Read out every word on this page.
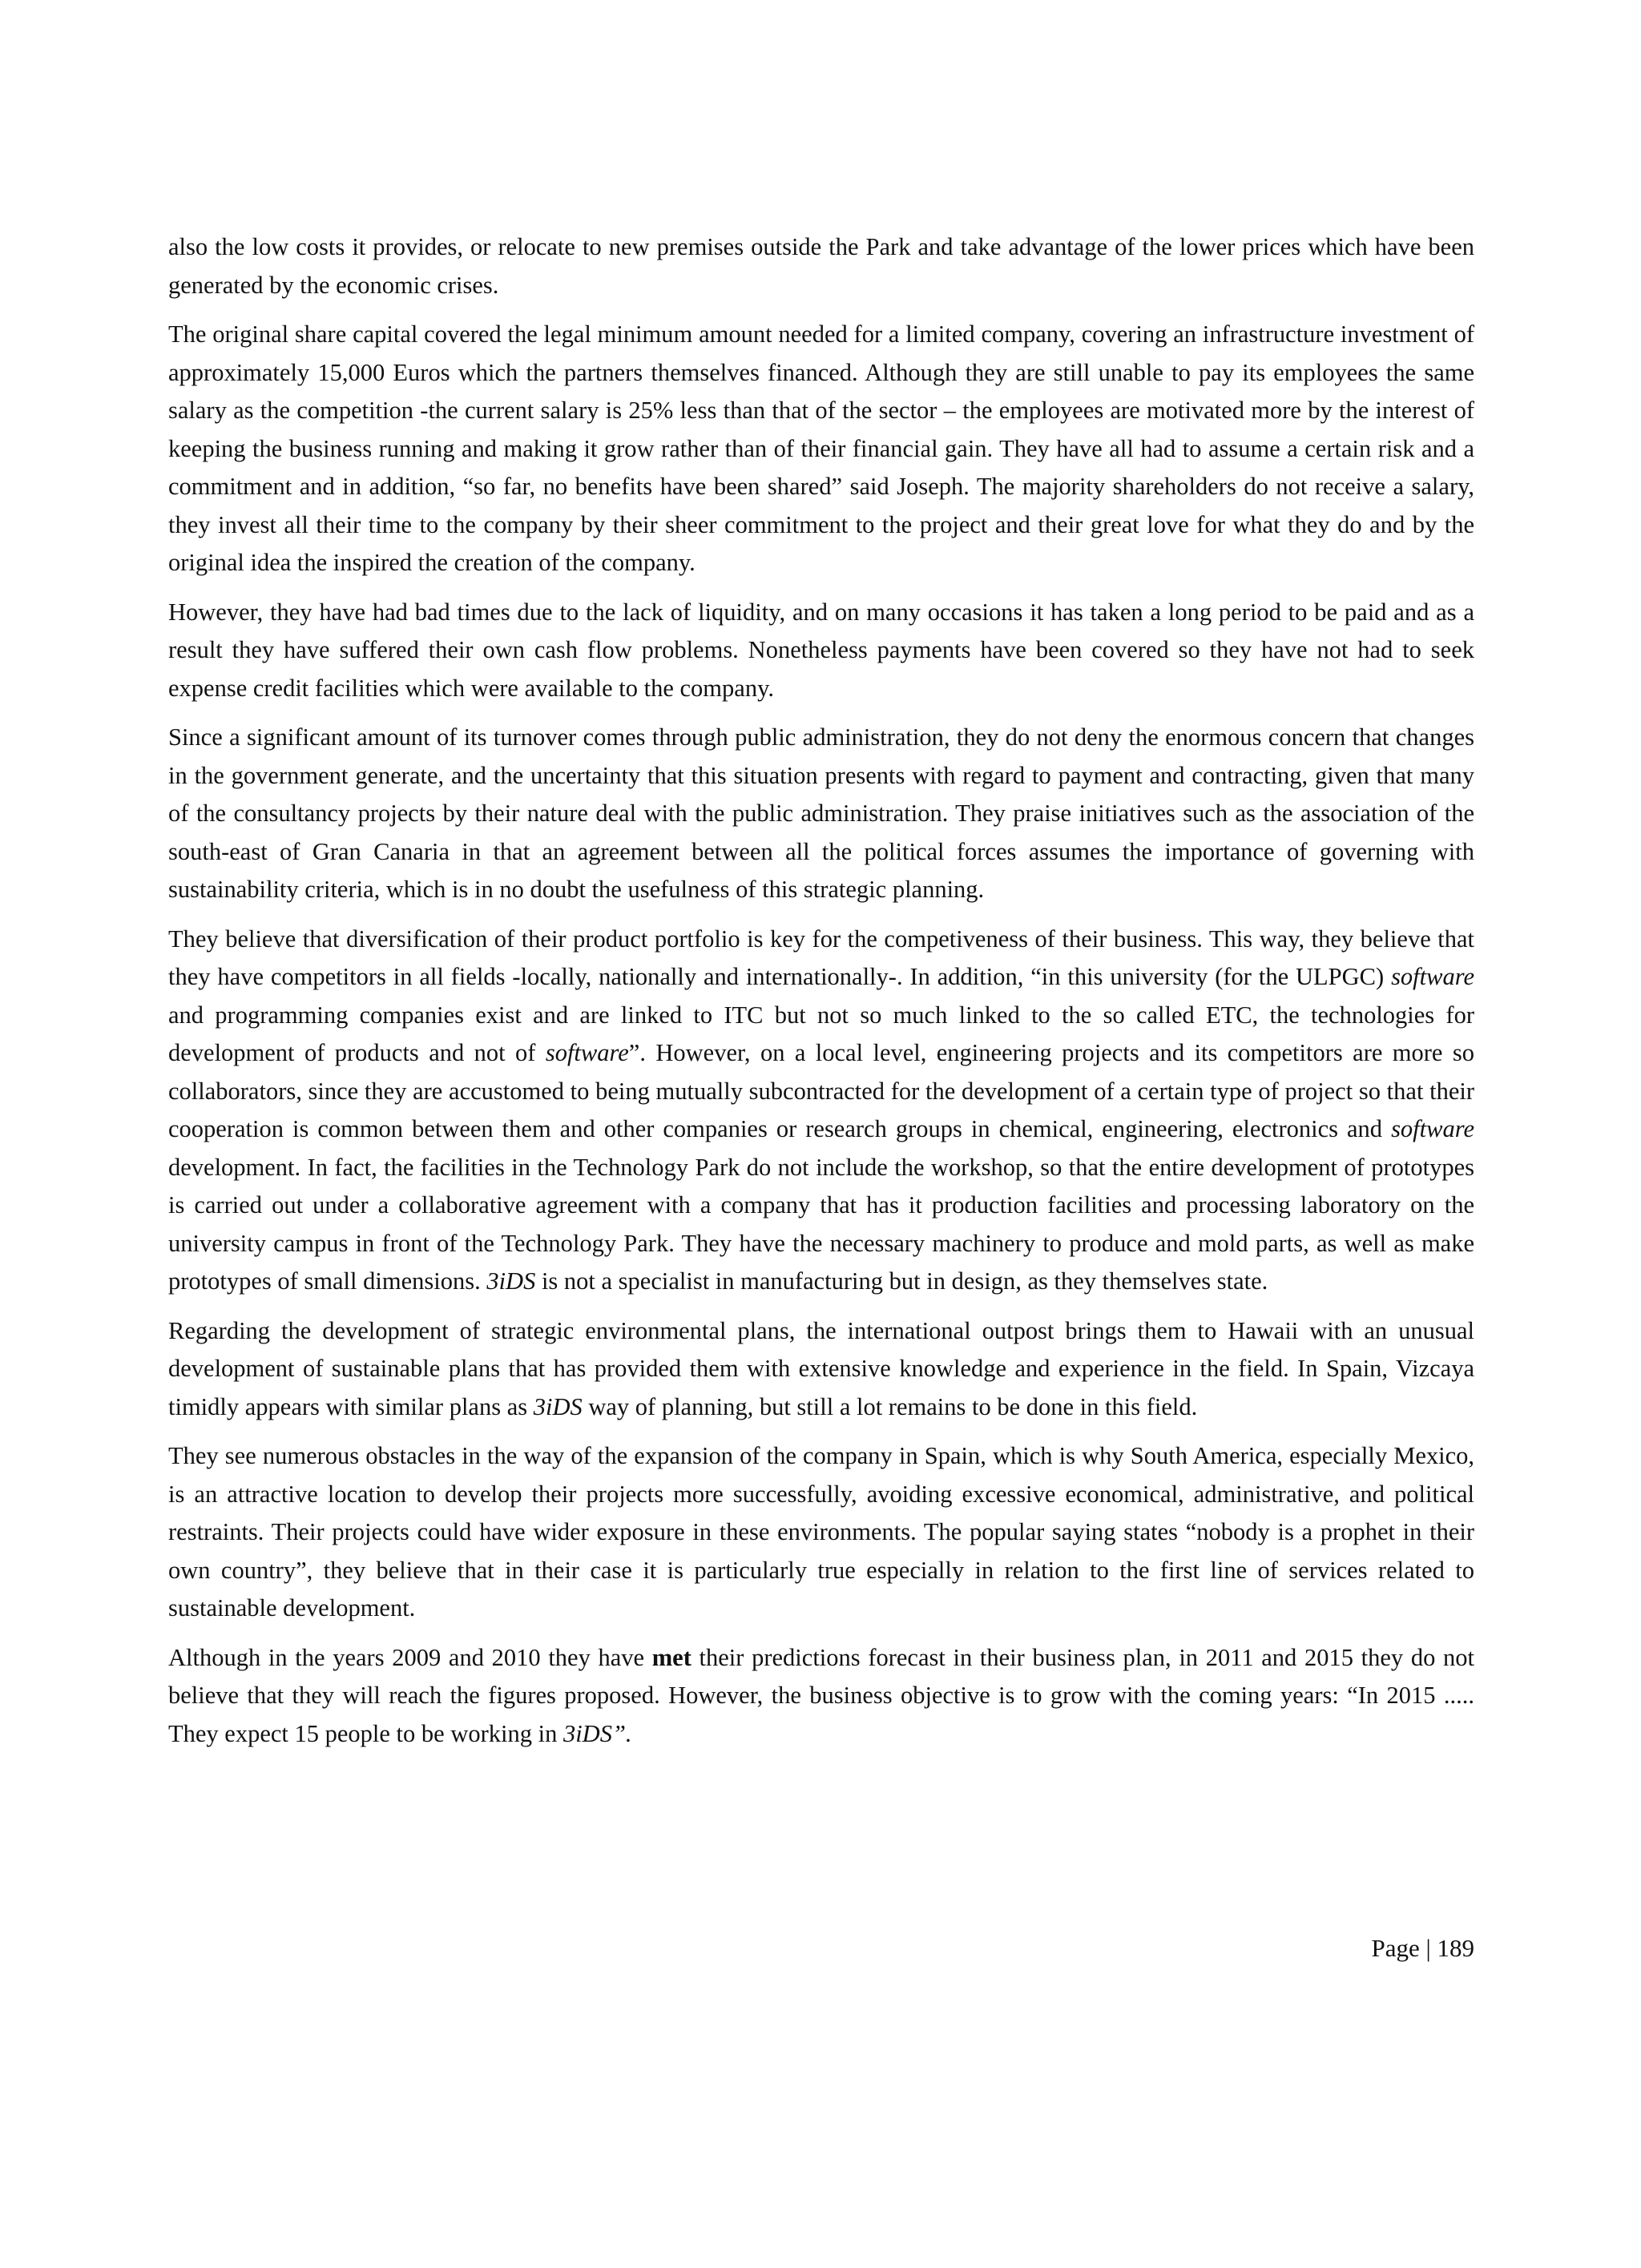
also the low costs it provides, or relocate to new premises outside the Park and take advantage of the lower prices which have been generated by the economic crises.

The original share capital covered the legal minimum amount needed for a limited company, covering an infrastructure investment of approximately 15,000 Euros which the partners themselves financed. Although they are still unable to pay its employees the same salary as the competition -the current salary is 25% less than that of the sector – the employees are motivated more by the interest of keeping the business running and making it grow rather than of their financial gain. They have all had to assume a certain risk and a commitment and in addition, “so far, no benefits have been shared” said Joseph. The majority shareholders do not receive a salary, they invest all their time to the company by their sheer commitment to the project and their great love for what they do and by the original idea the inspired the creation of the company.

However, they have had bad times due to the lack of liquidity, and on many occasions it has taken a long period to be paid and as a result they have suffered their own cash flow problems. Nonetheless payments have been covered so they have not had to seek expense credit facilities which were available to the company.

Since a significant amount of its turnover comes through public administration, they do not deny the enormous concern that changes in the government generate, and the uncertainty that this situation presents with regard to payment and contracting, given that many of the consultancy projects by their nature deal with the public administration. They praise initiatives such as the association of the south-east of Gran Canaria in that an agreement between all the political forces assumes the importance of governing with sustainability criteria, which is in no doubt the usefulness of this strategic planning.

They believe that diversification of their product portfolio is key for the competiveness of their business. This way, they believe that they have competitors in all fields -locally, nationally and internationally-. In addition, “in this university (for the ULPGC) software and programming companies exist and are linked to ITC but not so much linked to the so called ETC, the technologies for development of products and not of software”. However, on a local level, engineering projects and its competitors are more so collaborators, since they are accustomed to being mutually subcontracted for the development of a certain type of project so that their cooperation is common between them and other companies or research groups in chemical, engineering, electronics and software development. In fact, the facilities in the Technology Park do not include the workshop, so that the entire development of prototypes is carried out under a collaborative agreement with a company that has it production facilities and processing laboratory on the university campus in front of the Technology Park. They have the necessary machinery to produce and mold parts, as well as make prototypes of small dimensions. 3iDS is not a specialist in manufacturing but in design, as they themselves state.

Regarding the development of strategic environmental plans, the international outpost brings them to Hawaii with an unusual development of sustainable plans that has provided them with extensive knowledge and experience in the field. In Spain, Vizcaya timidly appears with similar plans as 3iDS way of planning, but still a lot remains to be done in this field.

They see numerous obstacles in the way of the expansion of the company in Spain, which is why South America, especially Mexico, is an attractive location to develop their projects more successfully, avoiding excessive economical, administrative, and political restraints. Their projects could have wider exposure in these environments. The popular saying states “nobody is a prophet in their own country”, they believe that in their case it is particularly true especially in relation to the first line of services related to sustainable development.

Although in the years 2009 and 2010 they have met their predictions forecast in their business plan, in 2011 and 2015 they do not believe that they will reach the figures proposed. However, the business objective is to grow with the coming years: “In 2015 ..... They expect 15 people to be working in 3iDS”.

Page | 189
